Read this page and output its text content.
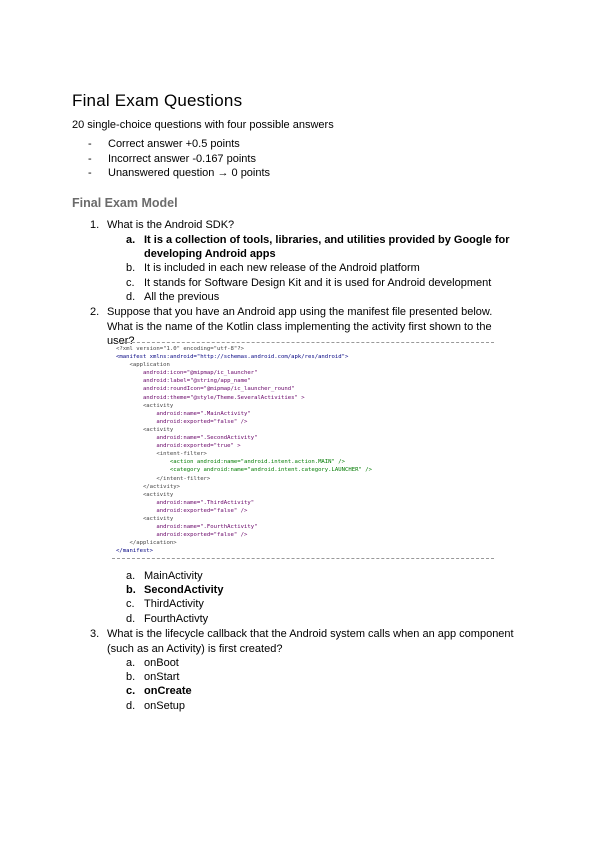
Final Exam Questions
20 single-choice questions with four possible answers
- Correct answer +0.5 points
- Incorrect answer -0.167 points
- Unanswered question → 0 points
Final Exam Model
1. What is the Android SDK?
a. It is a collection of tools, libraries, and utilities provided by Google for developing Android apps
b. It is included in each new release of the Android platform
c. It stands for Software Design Kit and it is used for Android development
d. All the previous
2. Suppose that you have an Android app using the manifest file presented below. What is the name of the Kotlin class implementing the activity first shown to the user?
<?xml version="1.0" encoding="utf-8"?>
<manifest xmlns:android="http://schemas.android.com/apk/res/android">
<application
android:icon="@mipmap/ic_launcher"
android:label="@string/app_name"
android:roundIcon="@mipmap/ic_launcher_round"
android:theme="@style/Theme.SeveralActivities" >
<activity
android:name=".MainActivity"
android:exported="false" />
<activity
android:name=".SecondActivity"
android:exported="true" >
<intent-filter>
<action android:name="android.intent.action.MAIN" />
<category android:name="android.intent.category.LAUNCHER" />
</intent-filter>
</activity>
<activity
android:name=".ThirdActivity"
android:exported="false" />
<activity
android:name=".FourthActivity"
android:exported="false" />
</application>
</manifest>
a. MainActivity
b. SecondActivity
c. ThirdActivity
d. FourthActivty
3. What is the lifecycle callback that the Android system calls when an app component (such as an Activity) is first created?
a. onBoot
b. onStart
c. onCreate
d. onSetup
